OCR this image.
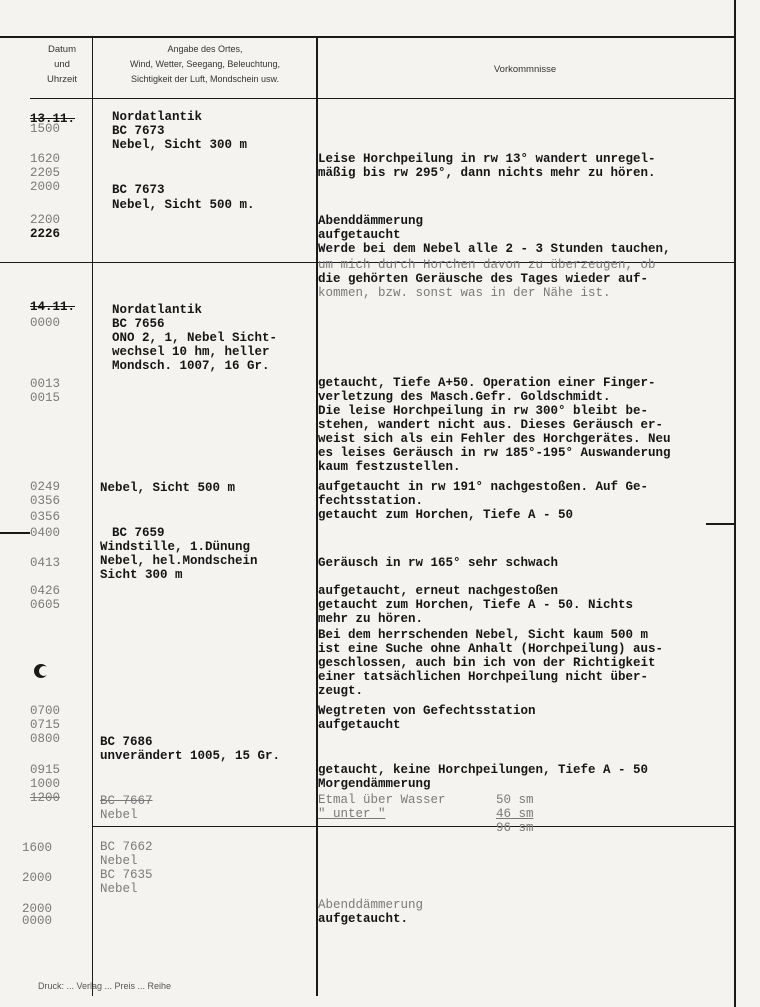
Datum
und
Uhrzeit
Angabe des Ortes,
Wind, Wetter, Seegang, Beleuchtung,
Sichtigkeit der Luft, Mondschein usw.
Vorkommnisse
13.11.
1500
1620
2205
2000
2200
2226
14.11.
0000
0013
0015
0249
0356
0356
0400
0413
0426
0605
0700
0715
0800
0915
1000
1200
1600
2000
2000
0000
Nordatlantik
BC 7673
Nebel, Sicht 300 m
BC 7673
Nebel, Sicht 500 m.
Nordatlantik
BC 7656
ONO 2, 1, Nebel Sicht-
wechsel 10 hm, heller
Mondsch. 1007, 16 Gr.
Nebel, Sicht 500 m
BC 7659
Windstille, 1.Dünung
Nebel, hel.Mondschein
Sicht 300 m
BC 7686
unverändert 1005, 15 Gr.
BC 7667
Nebel
BC 7662
Nebel
BC 7635
Nebel
Leise Horchpeilung in rw 13° wandert unregel-
mäßig bis rw 295°, dann nichts mehr zu hören.
Abenddämmerung
aufgetaucht
Werde bei dem Nebel alle 2 - 3 Stunden tauchen,
um mich durch Horchen davon zu überzeugen, ob
die gehörten Geräusche des Tages wieder auf-
kommen, bzw. sonst was in der Nähe ist.
getaucht, Tiefe A+50. Operation einer Finger-
verletzung des Masch.Gefr. Goldschmidt.
Die leise Horchpeilung in rw 300° bleibt be-
stehen, wandert nicht aus. Dieses Geräusch er-
weist sich als ein Fehler des Horchgerätes. Neu
es leises Geräusch in rw 185°-195° Auswanderung
kaum festzustellen.
aufgetaucht in rw 191° nachgestoßen. Auf Ge-
fechtsstation.
getaucht zum Horchen, Tiefe A - 50
Geräusch in rw 165° sehr schwach
aufgetaucht, erneut nachgestoßen
getaucht zum Horchen, Tiefe A - 50. Nichts
mehr zu hören.
Bei dem herrschenden Nebel, Sicht kaum 500 m
ist eine Suche ohne Anhalt (Horchpeilung) aus-
geschlossen, auch bin ich von der Richtigkeit
einer tatsächlichen Horchpeilung nicht über-
zeugt.
Wegtreten von Gefechtsstation
aufgetaucht
getaucht, keine Horchpeilungen, Tiefe A - 50
Morgendämmerung
Etmal über Wasser
" unter "
50 sm
46 sm
96 sm
Abenddämmerung
aufgetaucht.
Druck: ... Verlag ... Preis ... Reihe
